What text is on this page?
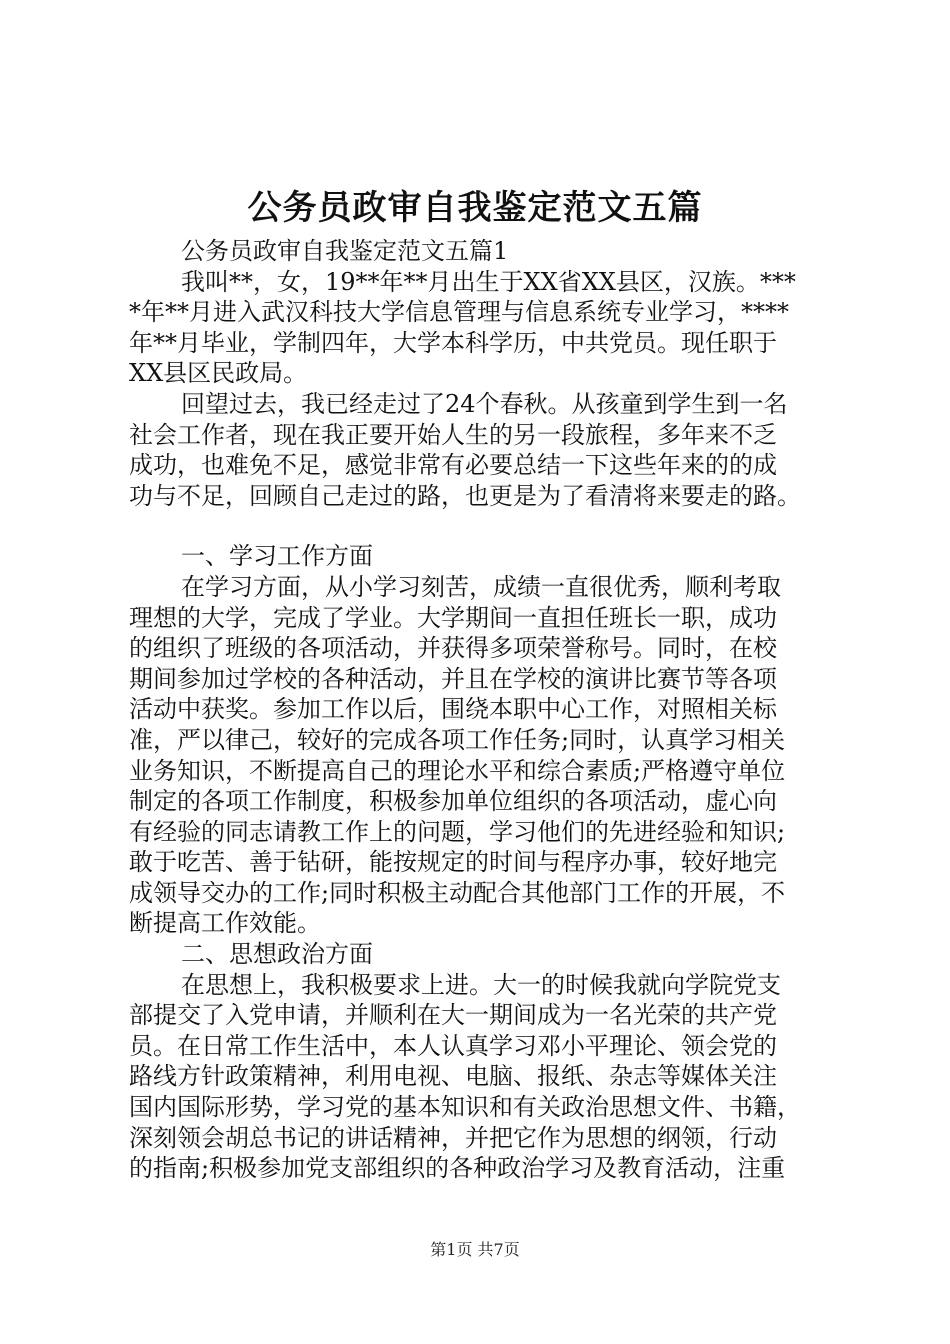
公务员政审自我鉴定范文五篇
公务员政审自我鉴定范文五篇1
我叫**，女，19**年**月出生于XX省XX县区，汉族。***
*年**月进入武汉科技大学信息管理与信息系统专业学习，****
年**月毕业，学制四年，大学本科学历，中共党员。现任职于
XX县区民政局。
回望过去，我已经走过了24个春秋。从孩童到学生到一名
社会工作者，现在我正要开始人生的另一段旅程，多年来不乏
成功，也难免不足，感觉非常有必要总结一下这些年来的的成
功与不足，回顾自己走过的路，也更是为了看清将来要走的路。
一、学习工作方面
在学习方面，从小学习刻苦，成绩一直很优秀，顺利考取
理想的大学，完成了学业。大学期间一直担任班长一职，成功
的组织了班级的各项活动，并获得多项荣誉称号。同时，在校
期间参加过学校的各种活动，并且在学校的演讲比赛节等各项
活动中获奖。参加工作以后，围绕本职中心工作，对照相关标
准，严以律己，较好的完成各项工作任务;同时，认真学习相关
业务知识，不断提高自己的理论水平和综合素质;严格遵守单位
制定的各项工作制度，积极参加单位组织的各项活动，虚心向
有经验的同志请教工作上的问题，学习他们的先进经验和知识;
敢于吃苦、善于钻研，能按规定的时间与程序办事，较好地完
成领导交办的工作;同时积极主动配合其他部门工作的开展，不
断提高工作效能。
二、思想政治方面
在思想上，我积极要求上进。大一的时候我就向学院党支
部提交了入党申请，并顺利在大一期间成为一名光荣的共产党
员。在日常工作生活中，本人认真学习邓小平理论、领会党的
路线方针政策精神，利用电视、电脑、报纸、杂志等媒体关注
国内国际形势，学习党的基本知识和有关政治思想文件、书籍，
深刻领会胡总书记的讲话精神，并把它作为思想的纲领，行动
的指南;积极参加党支部组织的各种政治学习及教育活动，注重
第1页 共7页
